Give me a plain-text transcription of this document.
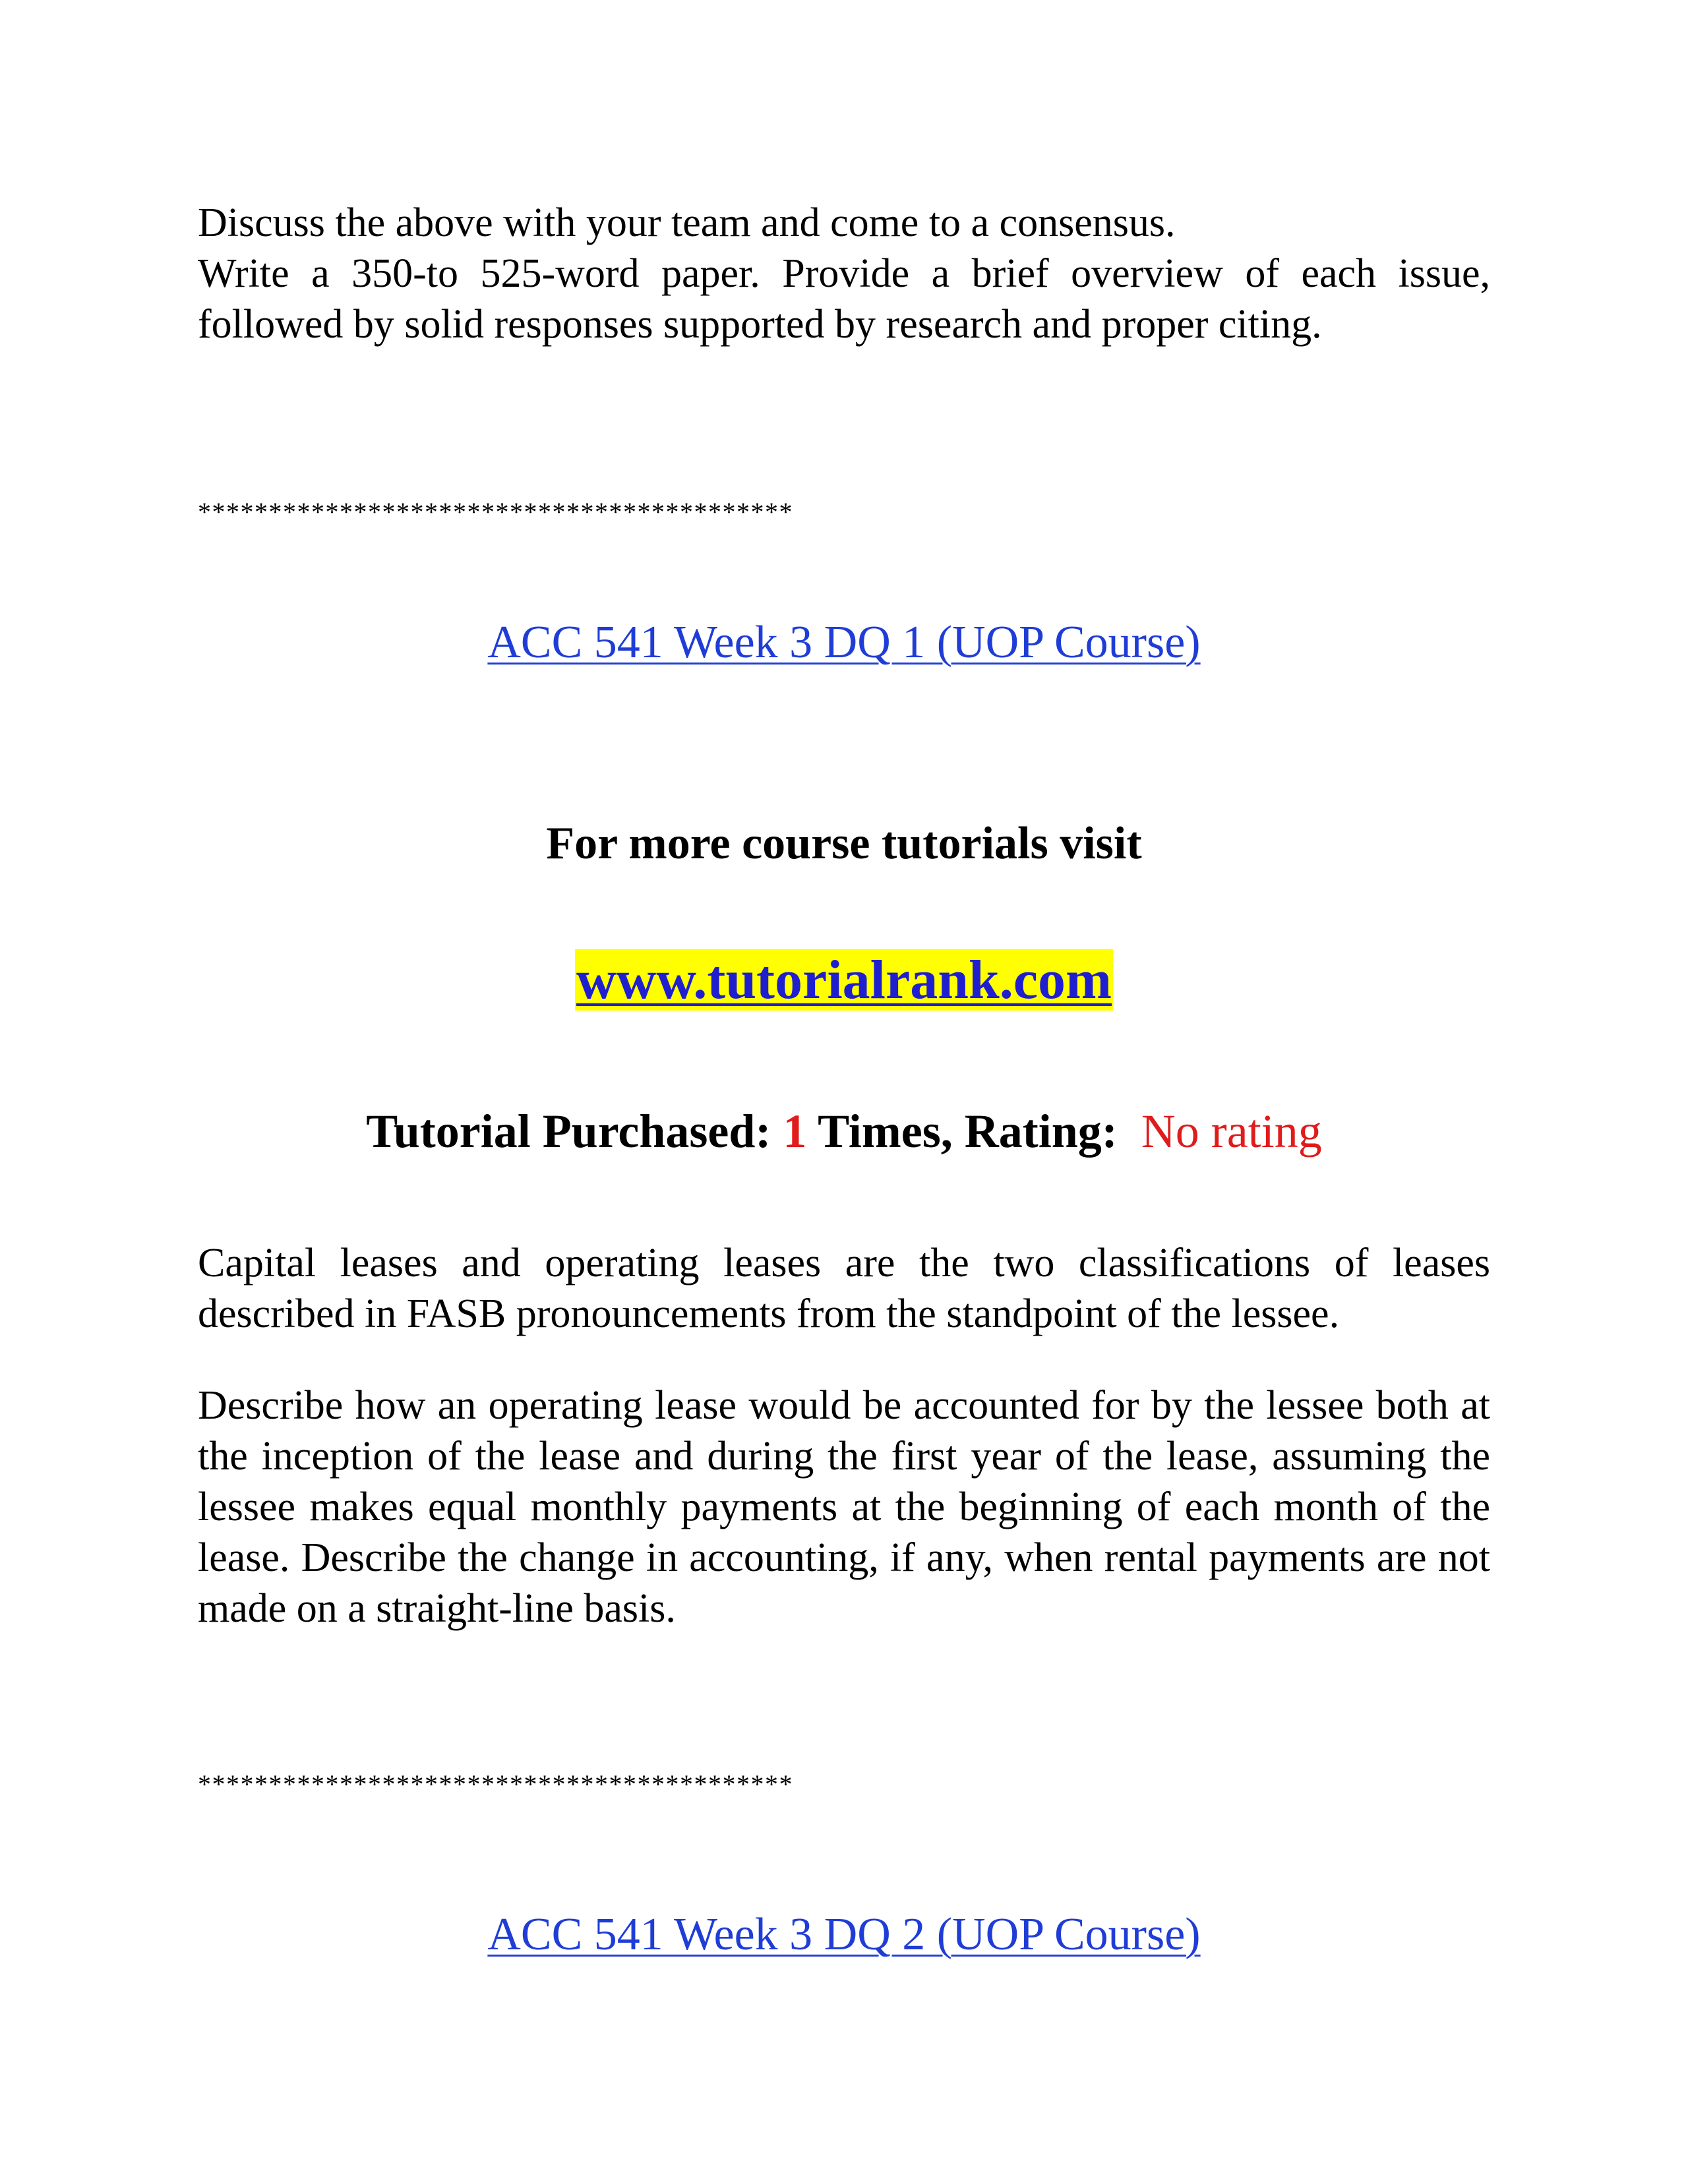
Discuss the above with your team and come to a consensus.

Write a 350-to 525-word paper. Provide a brief overview of each issue, followed by solid responses supported by research and proper citing.

******************************************
ACC 541 Week 3 DQ 1 (UOP Course)
For more course tutorials visit
www.tutorialrank.com
Tutorial Purchased: 1 Times, Rating: No rating

Capital leases and operating leases are the two classifications of leases described in FASB pronouncements from the standpoint of the lessee.

Describe how an operating lease would be accounted for by the lessee both at the inception of the lease and during the first year of the lease, assuming the lessee makes equal monthly payments at the beginning of each month of the lease. Describe the change in accounting, if any, when rental payments are not made on a straight-line basis.

******************************************
ACC 541 Week 3 DQ 2 (UOP Course)
